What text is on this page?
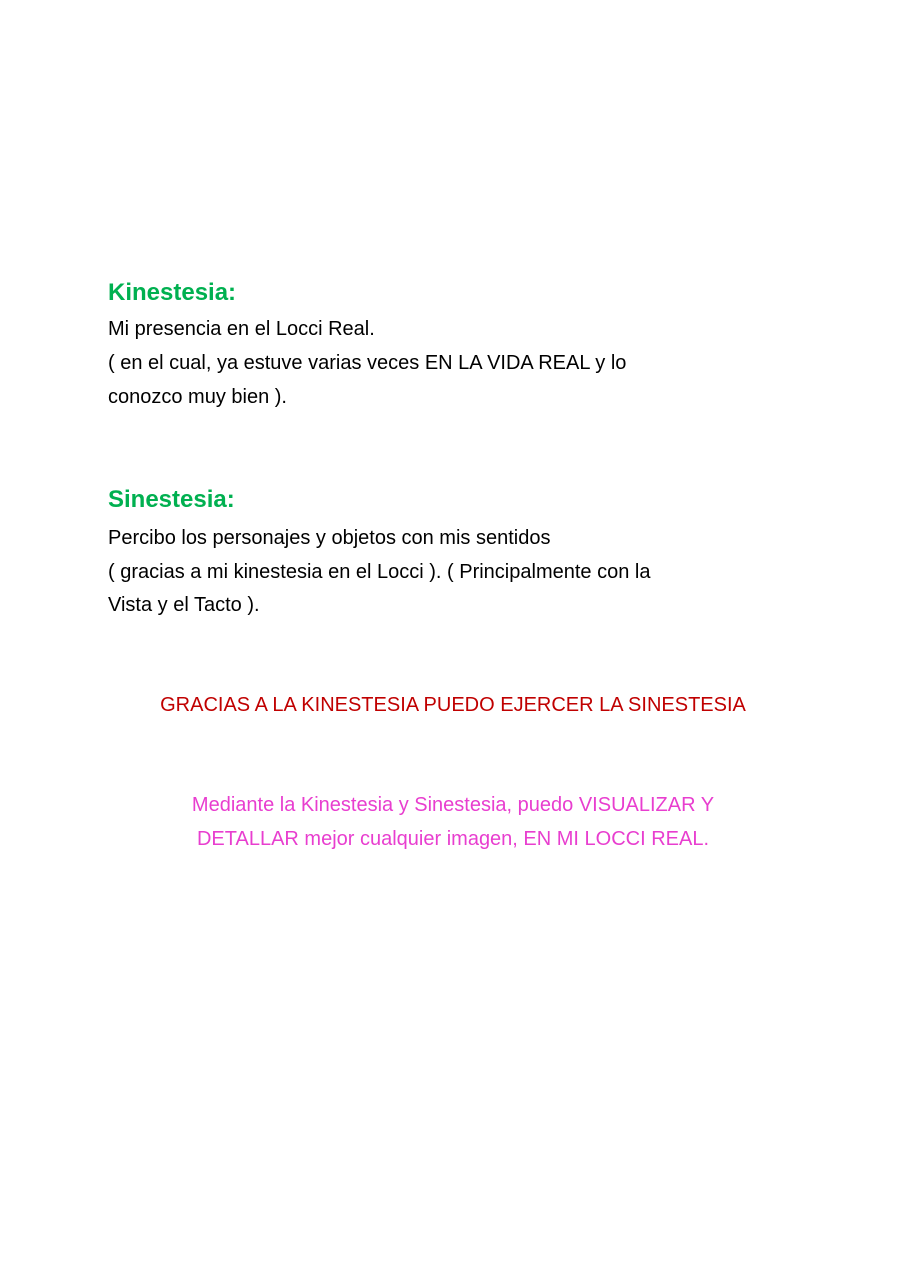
Kinestesia:
Mi presencia en el Locci Real.
( en el cual, ya estuve varias veces EN LA VIDA REAL y lo
conozco muy bien ).
Sinestesia:
Percibo los personajes y objetos con mis sentidos
( gracias a mi kinestesia en el Locci ). ( Principalmente con la
Vista y el Tacto ).
GRACIAS A LA KINESTESIA PUEDO EJERCER LA SINESTESIA
Mediante la Kinestesia y Sinestesia, puedo VISUALIZAR Y
DETALLAR mejor cualquier imagen, EN MI LOCCI REAL.
